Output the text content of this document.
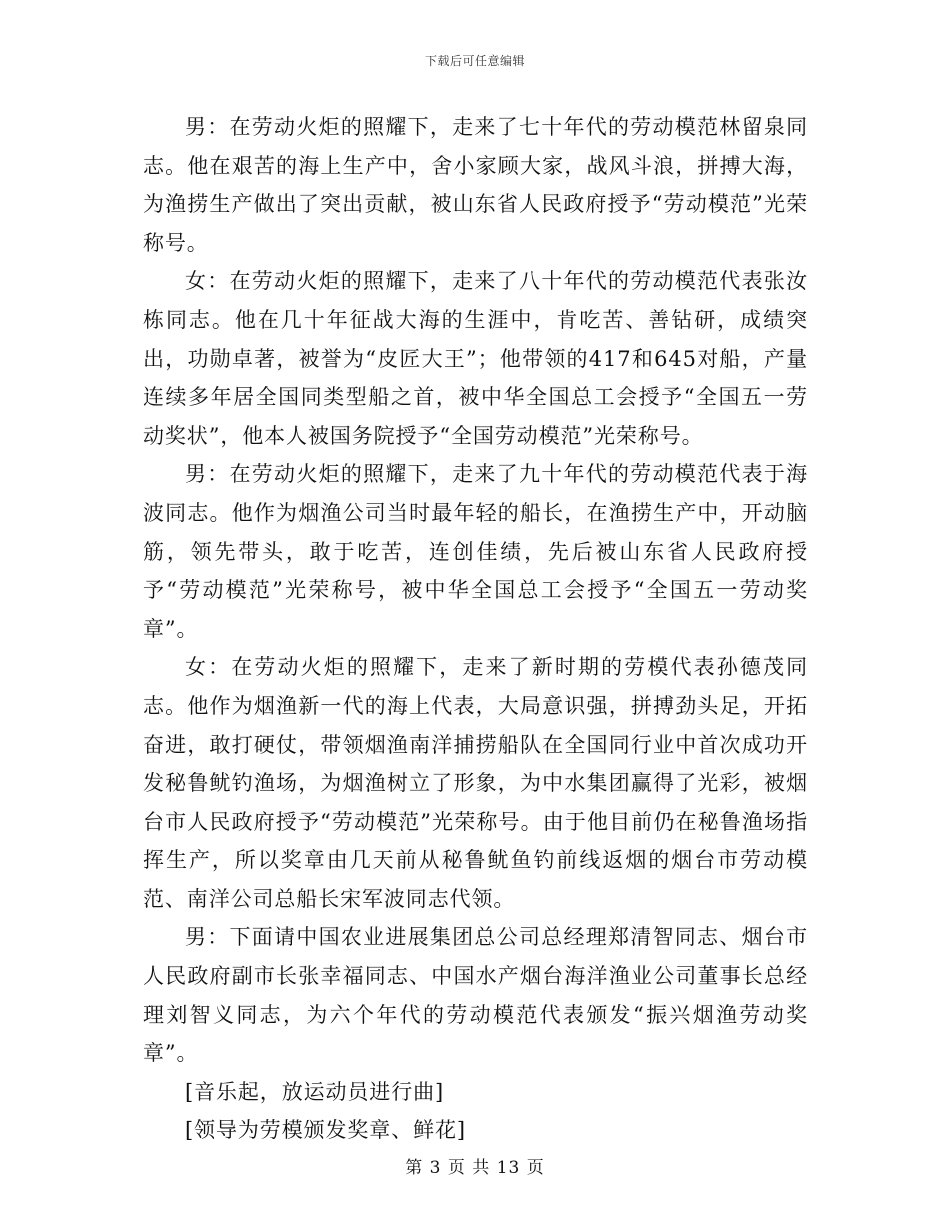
下载后可任意编辑

男：在劳动火炬的照耀下，走来了七十年代的劳动模范林留泉同志。他在艰苦的海上生产中，舍小家顾大家，战风斗浪，拼搏大海，为渔捞生产做出了突出贡献，被山东省人民政府授予“劳动模范”光荣称号。

女：在劳动火炬的照耀下，走来了八十年代的劳动模范代表张汝栋同志。他在几十年征战大海的生涯中，肯吃苦、善钻研，成绩突出，功勋卓著，被誉为“皮匠大王”；他带领的417和645对船，产量连续多年居全国同类型船之首，被中华全国总工会授予“全国五一劳动奖状”，他本人被国务院授予“全国劳动模范”光荣称号。

男：在劳动火炬的照耀下，走来了九十年代的劳动模范代表于海波同志。他作为烟渔公司当时最年轻的船长，在渔捞生产中，开动脑筋，领先带头，敢于吃苦，连创佳绩，先后被山东省人民政府授予“劳动模范”光荣称号，被中华全国总工会授予“全国五一劳动奖章”。

女：在劳动火炬的照耀下，走来了新时期的劳模代表孙德茂同志。他作为烟渔新一代的海上代表，大局意识强，拼搏劲头足，开拓奋进，敢打硬仗，带领烟渔南洋捕捞船队在全国同行业中首次成功开发秘鲁鱿钓渔场，为烟渔树立了形象，为中水集团赢得了光彩，被烟台市人民政府授予“劳动模范”光荣称号。由于他目前仍在秘鲁渔场指挥生产，所以奖章由几天前从秘鲁鱿鱼钓前线返烟的烟台市劳动模范、南洋公司总船长宋军波同志代领。

男：下面请中国农业进展集团总公司总经理郑清智同志、烟台市人民政府副市长张幸福同志、中国水产烟台海洋渔业公司董事长总经理刘智义同志，为六个年代的劳动模范代表颁发“振兴烟渔劳动奖章”。

[音乐起，放运动员进行曲]

[领导为劳模颁发奖章、鲜花]

第 3 页 共 13 页
